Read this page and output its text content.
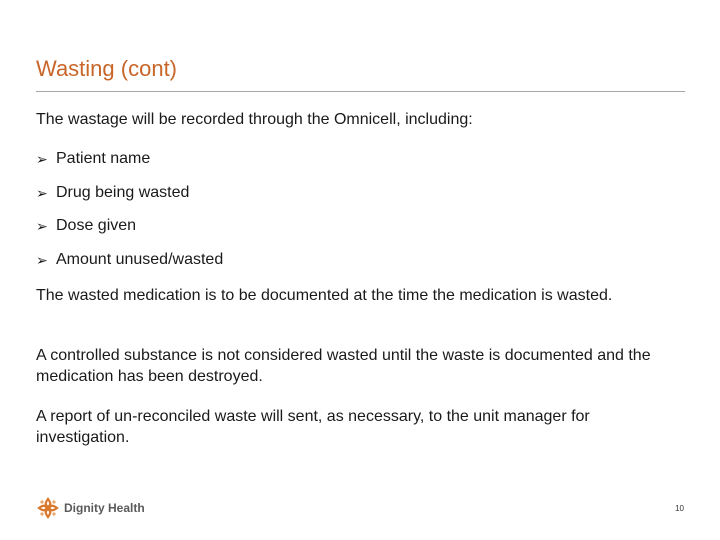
Wasting (cont)
The wastage will be recorded through the Omnicell, including:
➢ Patient name
➢ Drug being wasted
➢ Dose given
➢ Amount unused/wasted

The wasted medication is to be documented at the time the medication is wasted.

A controlled substance is not considered wasted until the waste is documented and the medication has been destroyed.

A report of un-reconciled waste will sent, as necessary, to the unit manager for investigation.

Dignity Health	10
